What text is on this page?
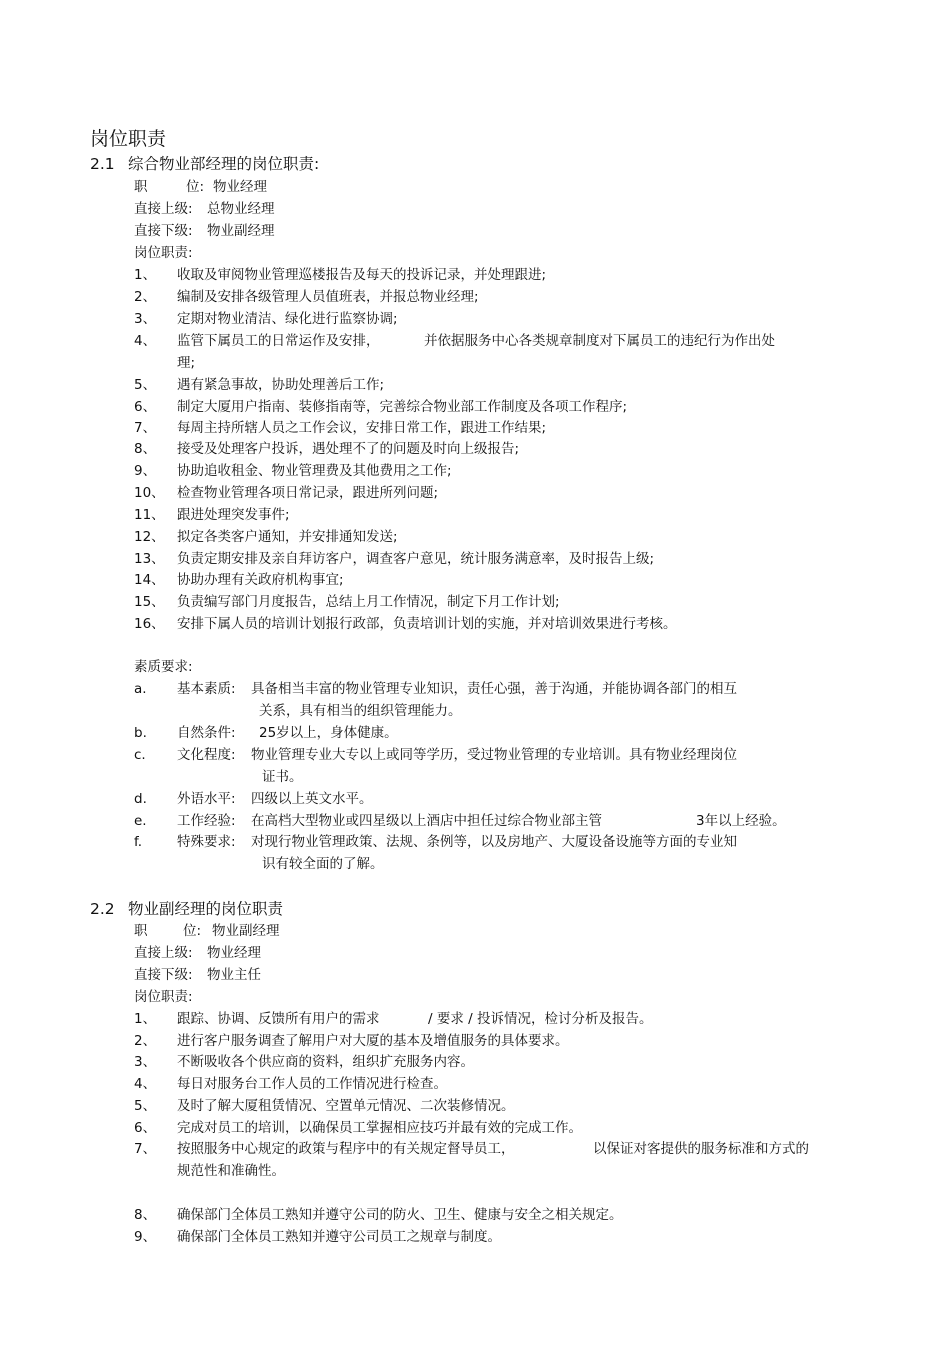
岗位职责
2.1 综合物业部经理的岗位职责:
职	位: 物业经理
直接上级: 总物业经理
直接下级: 物业副经理
岗位职责:
1、 收取及审阅物业管理巡楼报告及每天的投诉记录，并处理跟进;
2、 编制及安排各级管理人员值班表，并报总物业经理;
3、 定期对物业清洁、绿化进行监察协调;
4、 监管下属员工的日常运作及安排，	并依据服务中心各类规章制度对下属员工的违纪行为作出处
理;
5、 遇有紧急事故，协助处理善后工作;
6、 制定大厦用户指南、装修指南等，完善综合物业部工作制度及各项工作程序;
7、 每周主持所辖人员之工作会议，安排日常工作，跟进工作结果;
8、 接受及处理客户投诉，遇处理不了的问题及时向上级报告;
9、 协助追收租金、物业管理费及其他费用之工作;
10、 检查物业管理各项日常记录，跟进所列问题;
11、 跟进处理突发事件;
12、 拟定各类客户通知，并安排通知发送;
13、 负责定期安排及亲自拜访客户，调查客户意见，统计服务满意率，及时报告上级;
14、 协助办理有关政府机构事宜;
15、 负责编写部门月度报告，总结上月工作情况，制定下月工作计划;
16、 安排下属人员的培训计划报行政部，负责培训计划的实施，并对培训效果进行考核。
素质要求:
a. 基本素质: 具备相当丰富的物业管理专业知识，责任心强，善于沟通，并能协调各部门的相互
关系，具有相当的组织管理能力。
b. 自然条件: 25岁以上，身体健康。
c. 文化程度: 物业管理专业大专以上或同等学历，受过物业管理的专业培训。具有物业经理岗位
证书。
d. 外语水平: 四级以上英文水平。
e. 工作经验: 在高档大型物业或四星级以上酒店中担任过综合物业部主管	3年以上经验。
f.	特殊要求: 对现行物业管理政策、法规、条例等，以及房地产、大厦设备设施等方面的专业知
识有较全面的了解。
2.2 物业副经理的岗位职责
职	位: 物业副经理
直接上级: 物业经理
直接下级: 物业主任
岗位职责:
1、 跟踪、协调、反馈所有用户的需求	/ 要求 / 投诉情况，检讨分析及报告。
2、 进行客户服务调查了解用户对大厦的基本及增值服务的具体要求。
3、 不断吸收各个供应商的资料，组织扩充服务内容。
4、 每日对服务台工作人员的工作情况进行检查。
5、 及时了解大厦租赁情况、空置单元情况、二次装修情况。
6、 完成对员工的培训，以确保员工掌握相应技巧并最有效的完成工作。
7、 按照服务中心规定的政策与程序中的有关规定督导员工，	以保证对客提供的服务标准和方式的
规范性和准确性。
8、 确保部门全体员工熟知并遵守公司的防火、卫生、健康与安全之相关规定。
9、 确保部门全体员工熟知并遵守公司员工之规章与制度。
